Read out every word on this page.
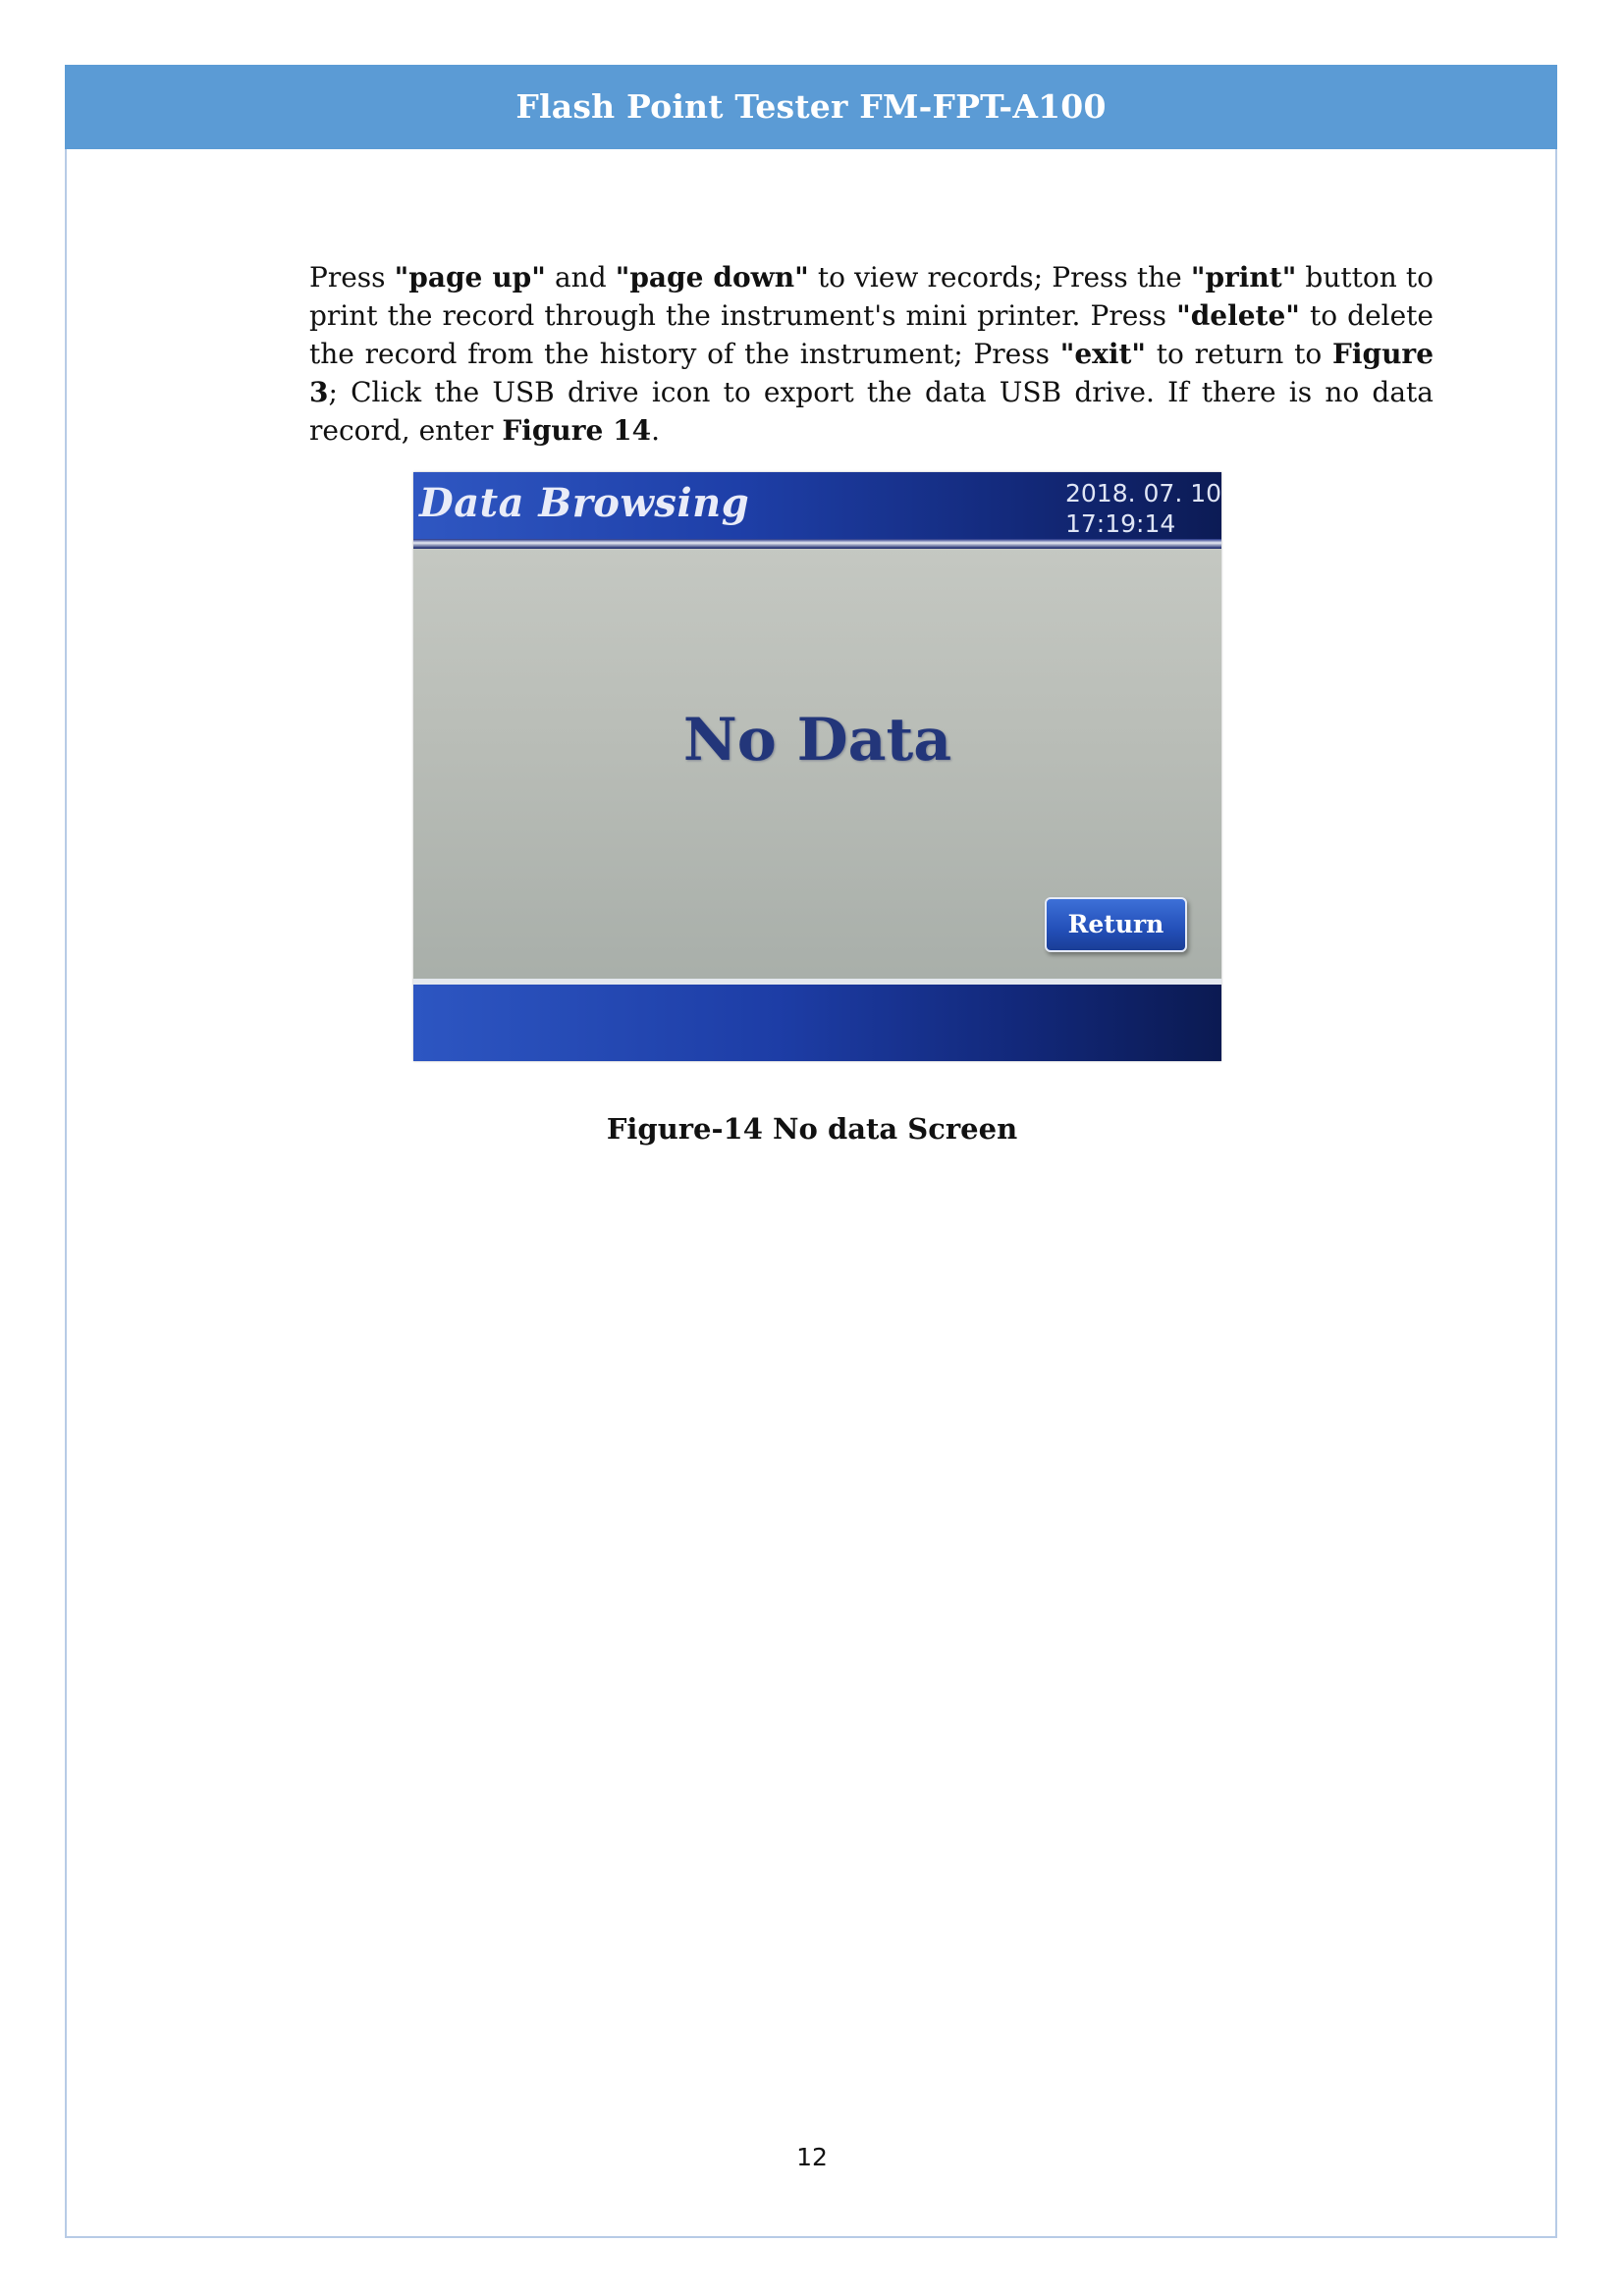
Flash Point Tester FM-FPT-A100

Press "page up" and "page down" to view records; Press the "print" button to print the record through the instrument's mini printer. Press "delete" to delete the record from the history of the instrument; Press "exit" to return to Figure 3; Click the USB drive icon to export the data USB drive. If there is no data record, enter Figure 14.

Data Browsing	2018. 07. 10
17:19:14
No Data
Return
Figure-14 No data Screen
12
